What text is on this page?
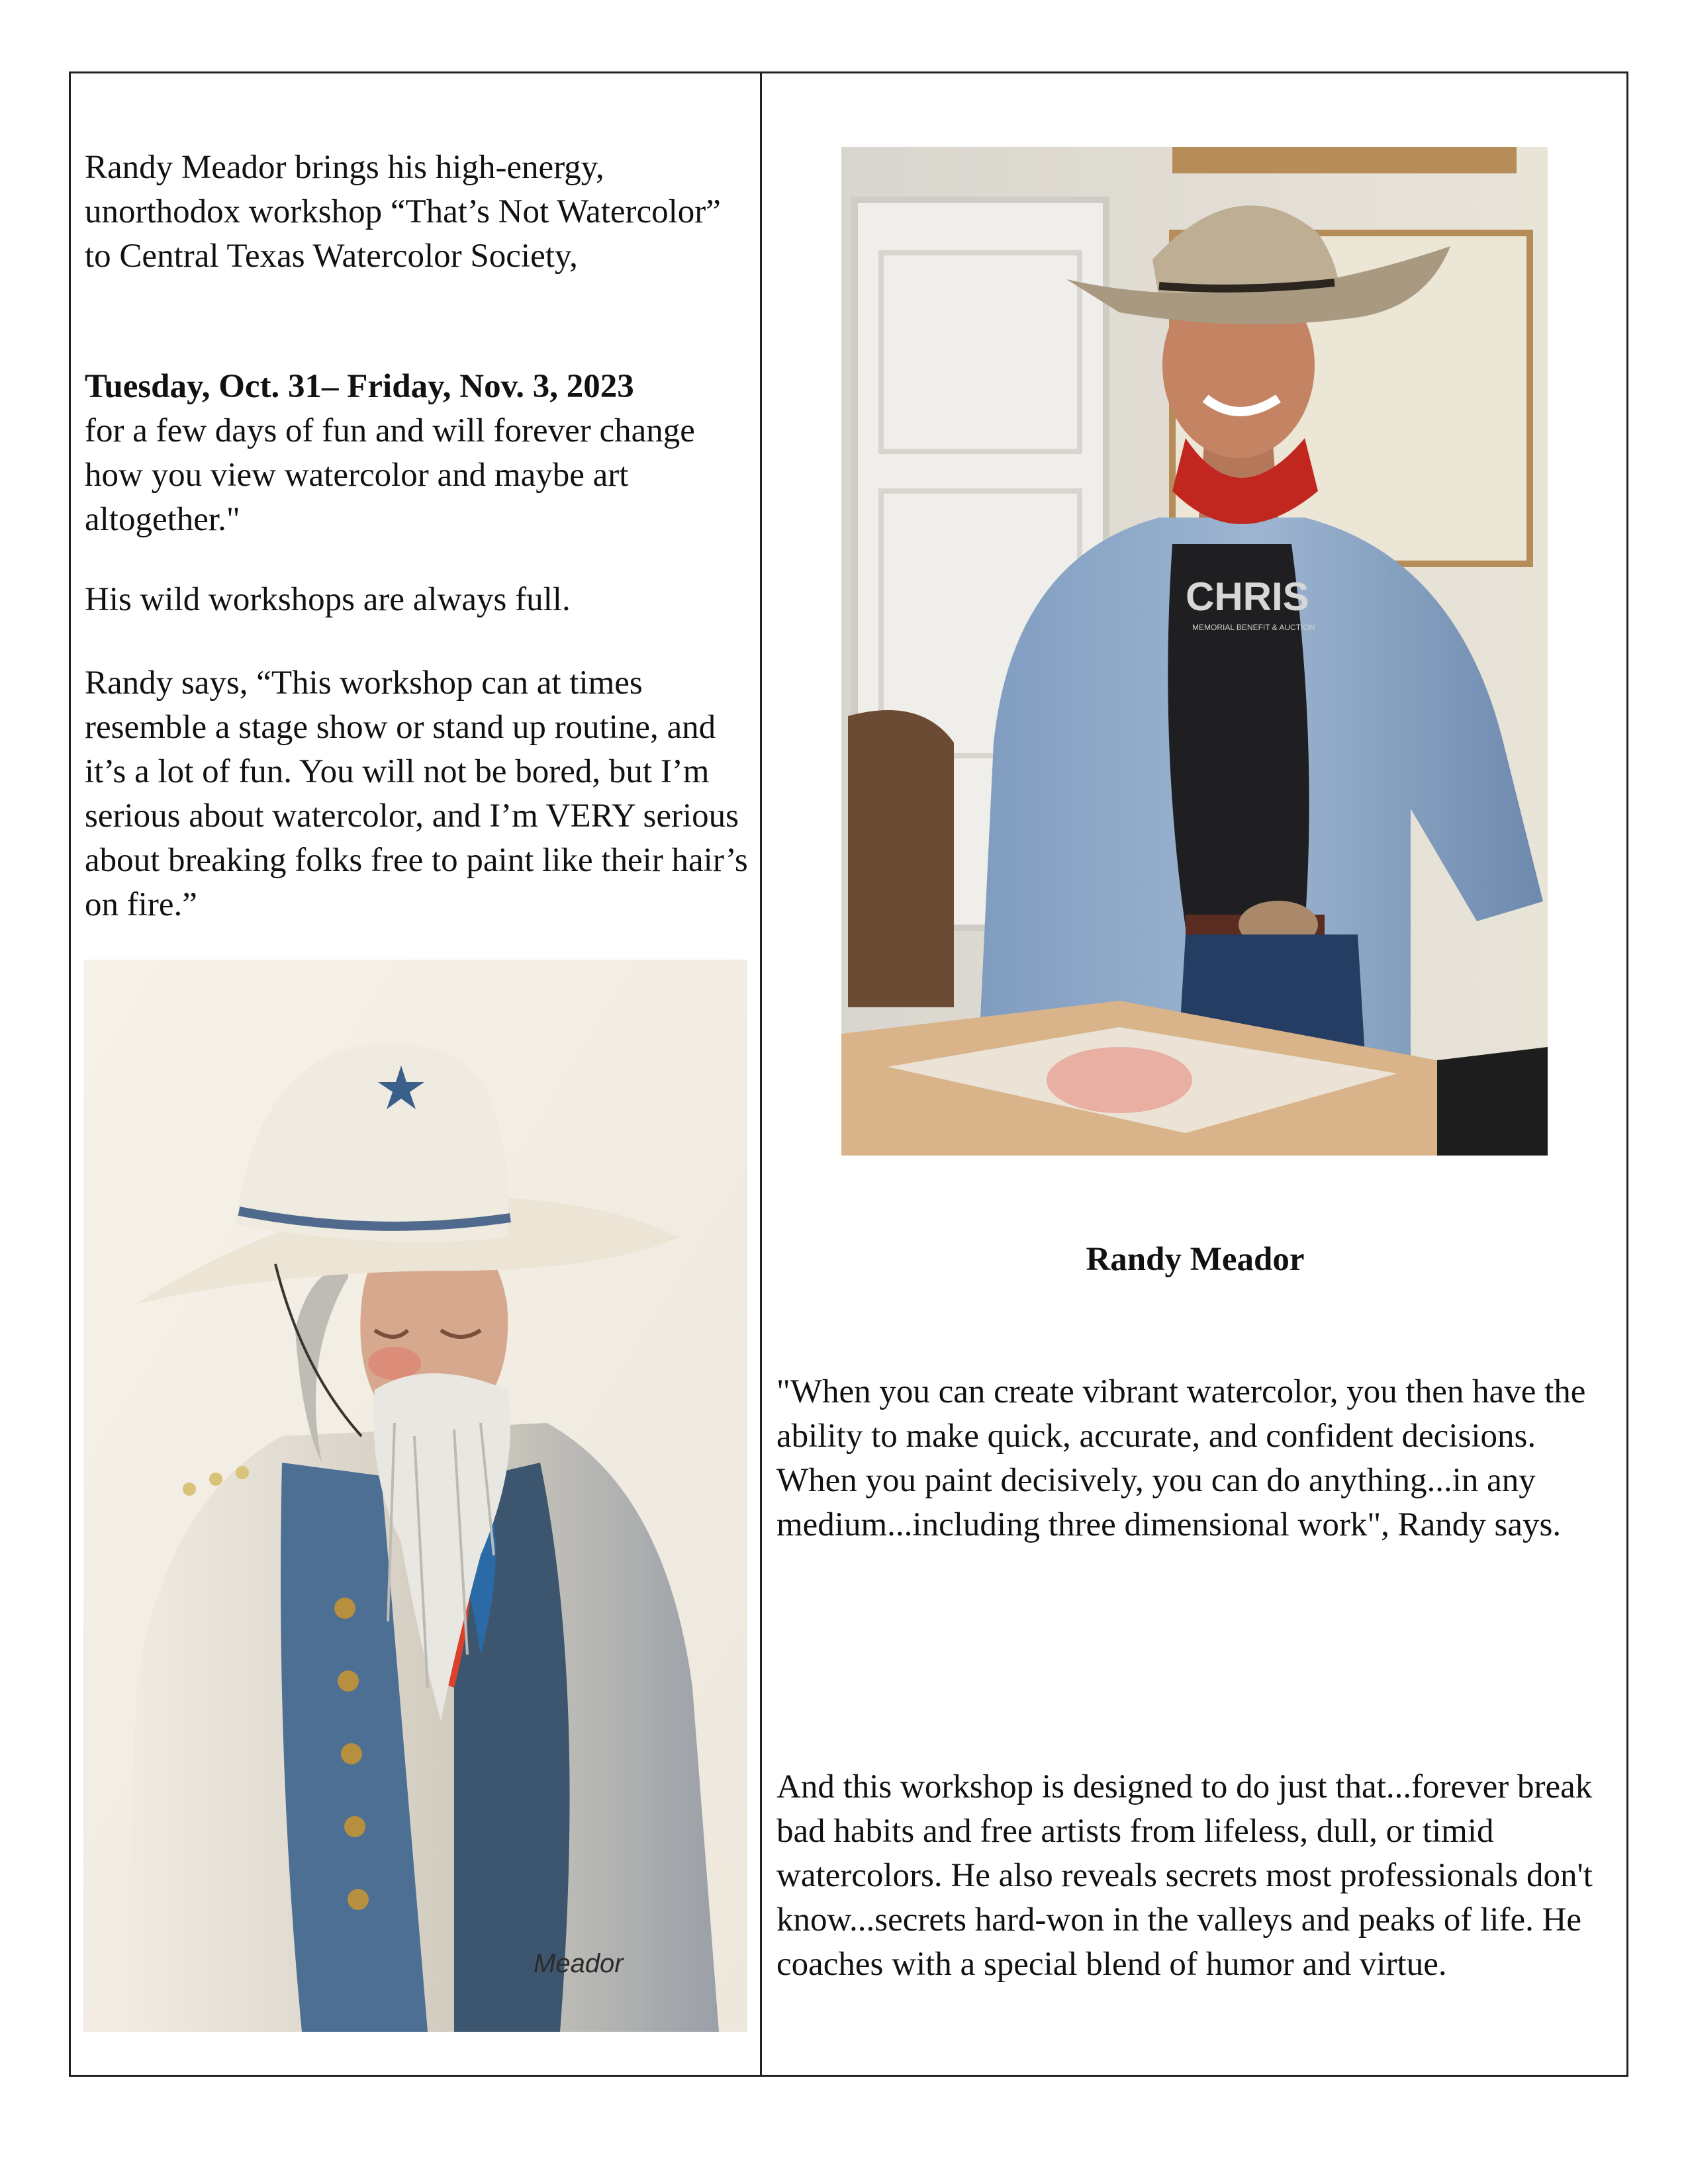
Randy Meador brings his high-energy, unorthodox workshop “That’s Not Watercolor” to Central Texas Watercolor Society,

Tuesday, Oct. 31– Friday, Nov. 3, 2023
for a few days of fun and will forever change how you view watercolor and maybe art altogether."

His wild workshops are always full.

Randy says, “This workshop can at times resemble a stage show or stand up routine, and it’s a lot of fun. You will not be bored, but I’m serious about watercolor, and I’m VERY serious about breaking folks free to paint like their hair’s on fire.”

Meador
CHRIS
MEMORIAL BENEFIT & AUCTION
Randy Meador

"When you can create vibrant watercolor, you then have the ability to make quick, accurate, and confident decisions. When you paint decisively, you can do anything...in any medium...including three dimensional work", Randy says.

And this workshop is designed to do just that...forever break bad habits and free artists from lifeless, dull, or timid watercolors. He also reveals secrets most professionals don't know...secrets hard-won in the valleys and peaks of life. He coaches with a special blend of humor and virtue.
